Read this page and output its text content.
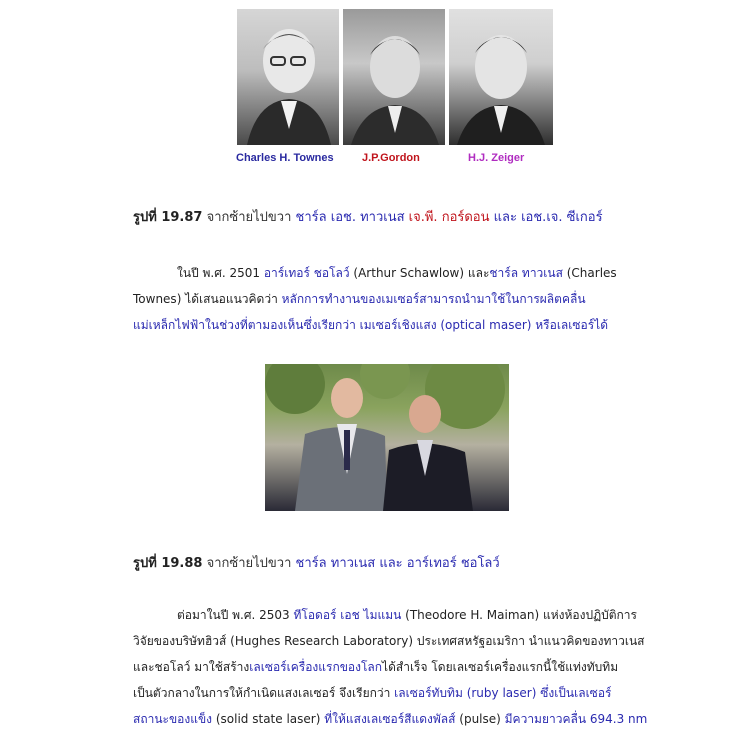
Charles H. Townes	J.P.Gordon	H.J. Zeiger
รูปที่ 19.87 จากซ้ายไปขวา ชาร์ล เอช. ทาวเนส เจ.พี. กอร์ดอน และ เอช.เจ. ซีเกอร์
ในปี พ.ศ. 2501 อาร์เทอร์ ชอโลว์ (Arthur Schawlow) และชาร์ล ทาวเนส (Charles
Townes) ได้เสนอแนวคิดว่า หลักการทำงานของเมเซอร์สามารถนำมาใช้ในการผลิตคลื่น
แม่เหล็กไฟฟ้าในช่วงที่ตามองเห็นซึ่งเรียกว่า เมเซอร์เชิงแสง (optical maser) หรือเลเซอร์ได้
รูปที่ 19.88 จากซ้ายไปขวา ชาร์ล ทาวเนส และ อาร์เทอร์ ชอโลว์
ต่อมาในปี พ.ศ. 2503 ทีโอดอร์ เอช ไมแมน (Theodore H. Maiman) แห่งห้องปฏิบัติการ
วิจัยของบริษัทฮิวส์ (Hughes Research Laboratory) ประเทศสหรัฐอเมริกา นำแนวคิดของทาวเนส
และชอโลว์ มาใช้สร้างเลเซอร์เครื่องแรกของโลกได้สำเร็จ โดยเลเซอร์เครื่องแรกนี้ใช้แท่งทับทิม
เป็นตัวกลางในการให้กำเนิดแสงเลเซอร์ จึงเรียกว่า เลเซอร์ทับทิม (ruby laser) ซึ่งเป็นเลเซอร์
สถานะของแข็ง (solid state laser) ที่ให้แสงเลเซอร์สีแดงพัลส์ (pulse) มีความยาวคลื่น 694.3 nm
